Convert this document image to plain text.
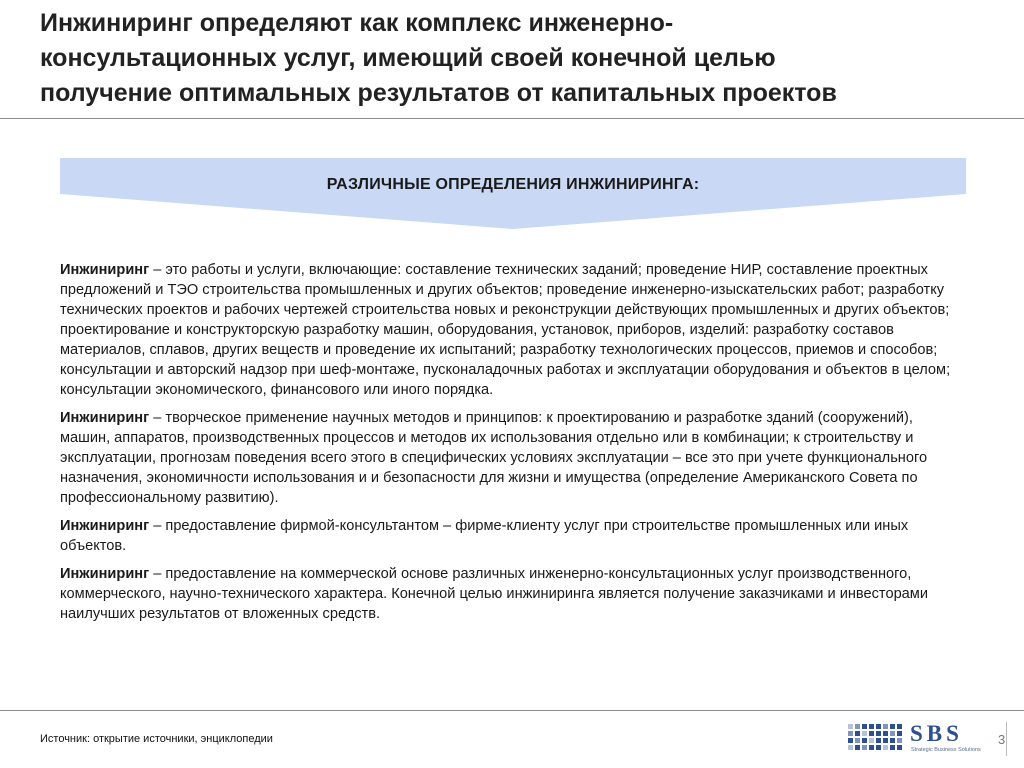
Инжиниринг определяют как комплекс инженерно-
консультационных услуг, имеющий своей конечной целью
получение оптимальных результатов от капитальных проектов
РАЗЛИЧНЫЕ ОПРЕДЕЛЕНИЯ ИНЖИНИРИНГА:

Инжиниринг – это работы и услуги, включающие: составление технических заданий; проведение НИР, составление проектных предложений и ТЭО строительства промышленных и других объектов; проведение инженерно-изыскательских работ; разработку технических проектов и рабочих чертежей строительства новых и реконструкции действующих промышленных и других объектов; проектирование и конструкторскую разработку машин, оборудования, установок, приборов, изделий: разработку составов материалов, сплавов, других веществ и проведение их испытаний; разработку технологических процессов, приемов и способов; консультации и авторский надзор при шеф-монтаже, пусконаладочных работах и эксплуатации оборудования и объектов в целом; консультации экономического, финансового или иного порядка.

Инжиниринг – творческое применение научных методов и принципов: к проектированию и разработке зданий (сооружений), машин, аппаратов, производственных процессов и методов их использования отдельно или в комбинации; к строительству и эксплуатации, прогнозам поведения всего этого в специфических условиях эксплуатации – все это при учете функционального назначения, экономичности использования и и безопасности для жизни и имущества (определение Американского Совета по профессиональному развитию).

Инжиниринг – предоставление фирмой-консультантом – фирме-клиенту услуг при строительстве промышленных или иных объектов.

Инжиниринг – предоставление на коммерческой основе различных инженерно-консультационных услуг производственного, коммерческого, научно-технического характера. Конечной целью инжиниринга является получение заказчиками и инвесторами наилучших результатов от вложенных средств.

Источник: открытие источники, энциклопедии	SBS
Strategic Business Solutions
3
